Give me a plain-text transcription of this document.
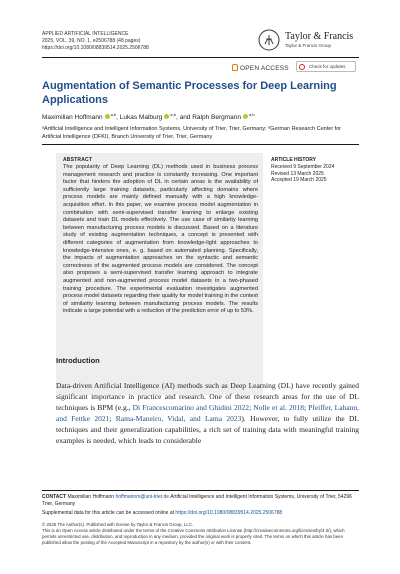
APPLIED ARTIFICIAL INTELLIGENCE
2025, VOL. 39, NO. 1, e2506788 (48 pages)
https://doi.org/10.1080/08839514.2025.2506788
Taylor & Francis
Taylor & Francis Group
OPEN ACCESS	Check for updates
Augmentation of Semantic Processes for Deep Learning Applications
Maximilian Hoffmann $^{a,b}$, Lukas Malburg $^{a,b}$, and Ralph Bergmann $^{a,b}$
ᵃArtificial Intelligence and Intelligent Information Systems, University of Trier, Trier, Germany; ᵇGerman Research Center for Artificial Intelligence (DFKI), Branch University of Trier, Trier, Germany
ABSTRACT
The popularity of Deep Learning (DL) methods used in business process management research and practice is constantly increasing. One important factor that hinders the adoption of DL in certain areas is the availability of sufficiently large training datasets, particularly affecting domains where process models are mainly defined manually with a high knowledge-acquisition effort. In this paper, we examine process model augmentation in combination with semi-supervised transfer learning to enlarge existing datasets and train DL models effectively. The use case of similarity learning between manufacturing process models is discussed. Based on a literature study of existing augmentation techniques, a concept is presented with different categories of augmentation from knowledge-light approaches to knowledge-intensive ones, e. g. based on automated planning. Specifically, the impacts of augmentation approaches on the syntactic and semantic correctness of the augmented process models are considered. The concept also proposes a semi-supervised transfer learning approach to integrate augmented and non-augmented process model datasets in a two-phased training procedure. The experimental evaluation investigates augmented process model datasets regarding their quality for model training in the context of similarity learning between manufacturing process models. The results indicate a large potential with a reduction of the prediction error of up to 53%.
ARTICLE HISTORY
Received 9 September 2024
Revised 13 March 2025
Accepted 19 March 2025
Introduction
Data-driven Artificial Intelligence (AI) methods such as Deep Learning (DL) have recently gained significant importance in practice and research. One of these research areas for the use of DL techniques is BPM (e.g., Di Francescomarino and Ghidini 2022; Nolle et al. 2018; Pfeiffer, Lahann, and Fettke 2021; Rama-Maneiro, Vidal, and Lama 2023). However, to fully utilize the DL techniques and their generalization capabilities, a rich set of training data with meaningful training examples is needed, which leads to considerable
CONTACT Maximilian Hoffmann hoffmannm@uni-trier.de Artificial Intelligence and Intelligent Information Systems, University of Trier, 54296 Trier, Germany
Supplemental data for this article can be accessed online at https://doi.org/10.1080/08839514.2025.2506788
© 2025 The Author(s). Published with license by Taylor & Francis Group, LLC.
This is an Open Access article distributed under the terms of the Creative Commons Attribution License (http://creativecommons.org/licenses/by/4.0/), which permits unrestricted use, distribution, and reproduction in any medium, provided the original work is properly cited. The terms on which this article has been published allow the posting of the Accepted Manuscript in a repository by the author(s) or with their consent.
